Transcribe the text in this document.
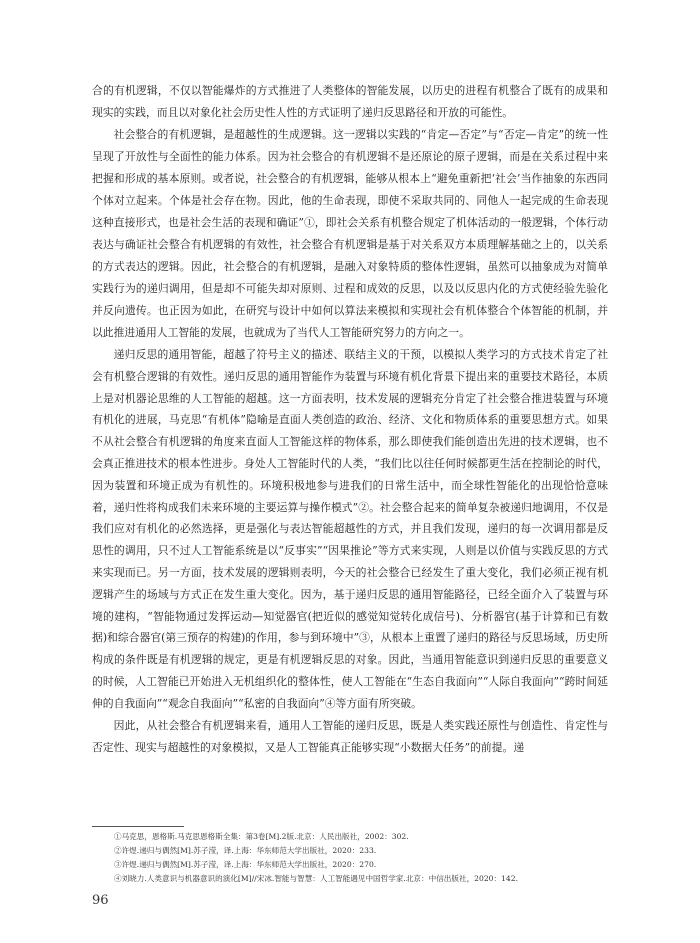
合的有机逻辑，不仅以智能爆炸的方式推进了人类整体的智能发展，以历史的进程有机整合了既有的成果和现实的实践，而且以对象化社会历史性人性的方式证明了递归反思路径和开放的可能性。

社会整合的有机逻辑，是超越性的生成逻辑。这一逻辑以实践的“肯定—否定”与“否定—肯定”的统一性呈现了开放性与全面性的能力体系。因为社会整合的有机逻辑不是还原论的原子逻辑，而是在关系过程中来把握和形成的基本原则。或者说，社会整合的有机逻辑，能够从根本上“避免重新把‘社会’当作抽象的东西同个体对立起来。个体是社会存在物。因此，他的生命表现，即使不采取共同的、同他人一起完成的生命表现这种直接形式，也是社会生活的表现和确证”①，即社会关系有机整合规定了机体活动的一般逻辑，个体行动表达与确证社会整合有机逻辑的有效性，社会整合有机逻辑是基于对关系双方本质理解基础之上的，以关系的方式表达的逻辑。因此，社会整合的有机逻辑，是融入对象特质的整体性逻辑，虽然可以抽象成为对简单实践行为的递归调用，但是却不可能失却对原则、过程和成效的反思，以及以反思内化的方式使经验先验化并反向遗传。也正因为如此，在研究与设计中如何以算法来模拟和实现社会有机体整合个体智能的机制，并以此推进通用人工智能的发展，也就成为了当代人工智能研究努力的方向之一。

递归反思的通用智能，超越了符号主义的描述、联结主义的干预，以模拟人类学习的方式技术肯定了社会有机整合逻辑的有效性。递归反思的通用智能作为装置与环境有机化背景下提出来的重要技术路径，本质上是对机器论思维的人工智能的超越。这一方面表明，技术发展的逻辑充分肯定了社会整合推进装置与环境有机化的进展，马克思“有机体”隐喻是直面人类创造的政治、经济、文化和物质体系的重要思想方式。如果不从社会整合有机逻辑的角度来直面人工智能这样的物体系，那么即使我们能创造出先进的技术逻辑，也不会真正推进技术的根本性进步。身处人工智能时代的人类，“我们比以往任何时候都更生活在控制论的时代，因为装置和环境正成为有机性的。环境积极地参与进我们的日常生活中，而全球性智能化的出现恰恰意味着，递归性将构成我们未来环境的主要运算与操作模式”②。社会整合起来的简单复杂被递归地调用，不仅是我们应对有机化的必然选择，更是强化与表达智能超越性的方式，并且我们发现，递归的每一次调用都是反思性的调用，只不过人工智能系统是以“反事实”“因果推论”等方式来实现，人则是以价值与实践反思的方式来实现而已。另一方面，技术发展的逻辑则表明，今天的社会整合已经发生了重大变化，我们必须正视有机逻辑产生的场域与方式正在发生重大变化。因为，基于递归反思的通用智能路径，已经全面介入了装置与环境的建构，“智能物通过发挥运动—知觉器官(把近似的感觉知觉转化成信号)、分析器官(基于计算和已有数据)和综合器官(第三预存的构建)的作用，参与到环境中”③，从根本上重置了递归的路径与反思场域，历史所构成的条件既是有机逻辑的规定，更是有机逻辑反思的对象。因此，当通用智能意识到递归反思的重要意义的时候，人工智能已开始进入无机组织化的整体性，使人工智能在“生态自我面向”“人际自我面向”“跨时间延伸的自我面向”“观念自我面向”“私密的自我面向”④等方面有所突破。

因此，从社会整合有机逻辑来看，通用人工智能的递归反思，既是人类实践还原性与创造性、肯定性与否定性、现实与超越性的对象模拟，又是人工智能真正能够实现“小数据大任务”的前提。递

①马克思，恩格斯.马克思恩格斯全集：第3卷[M].2版.北京：人民出版社，2002：302.
②许煜.递归与偶然[M].苏子滢，译.上海：华东师范大学出版社，2020：233.
③许煜.递归与偶然[M].苏子滢，译.上海：华东师范大学出版社，2020：270.
④刘晓力.人类意识与机器意识的演化[M]//宋冰.智能与智慧：人工智能遇见中国哲学家.北京：中信出版社，2020：142.
96
